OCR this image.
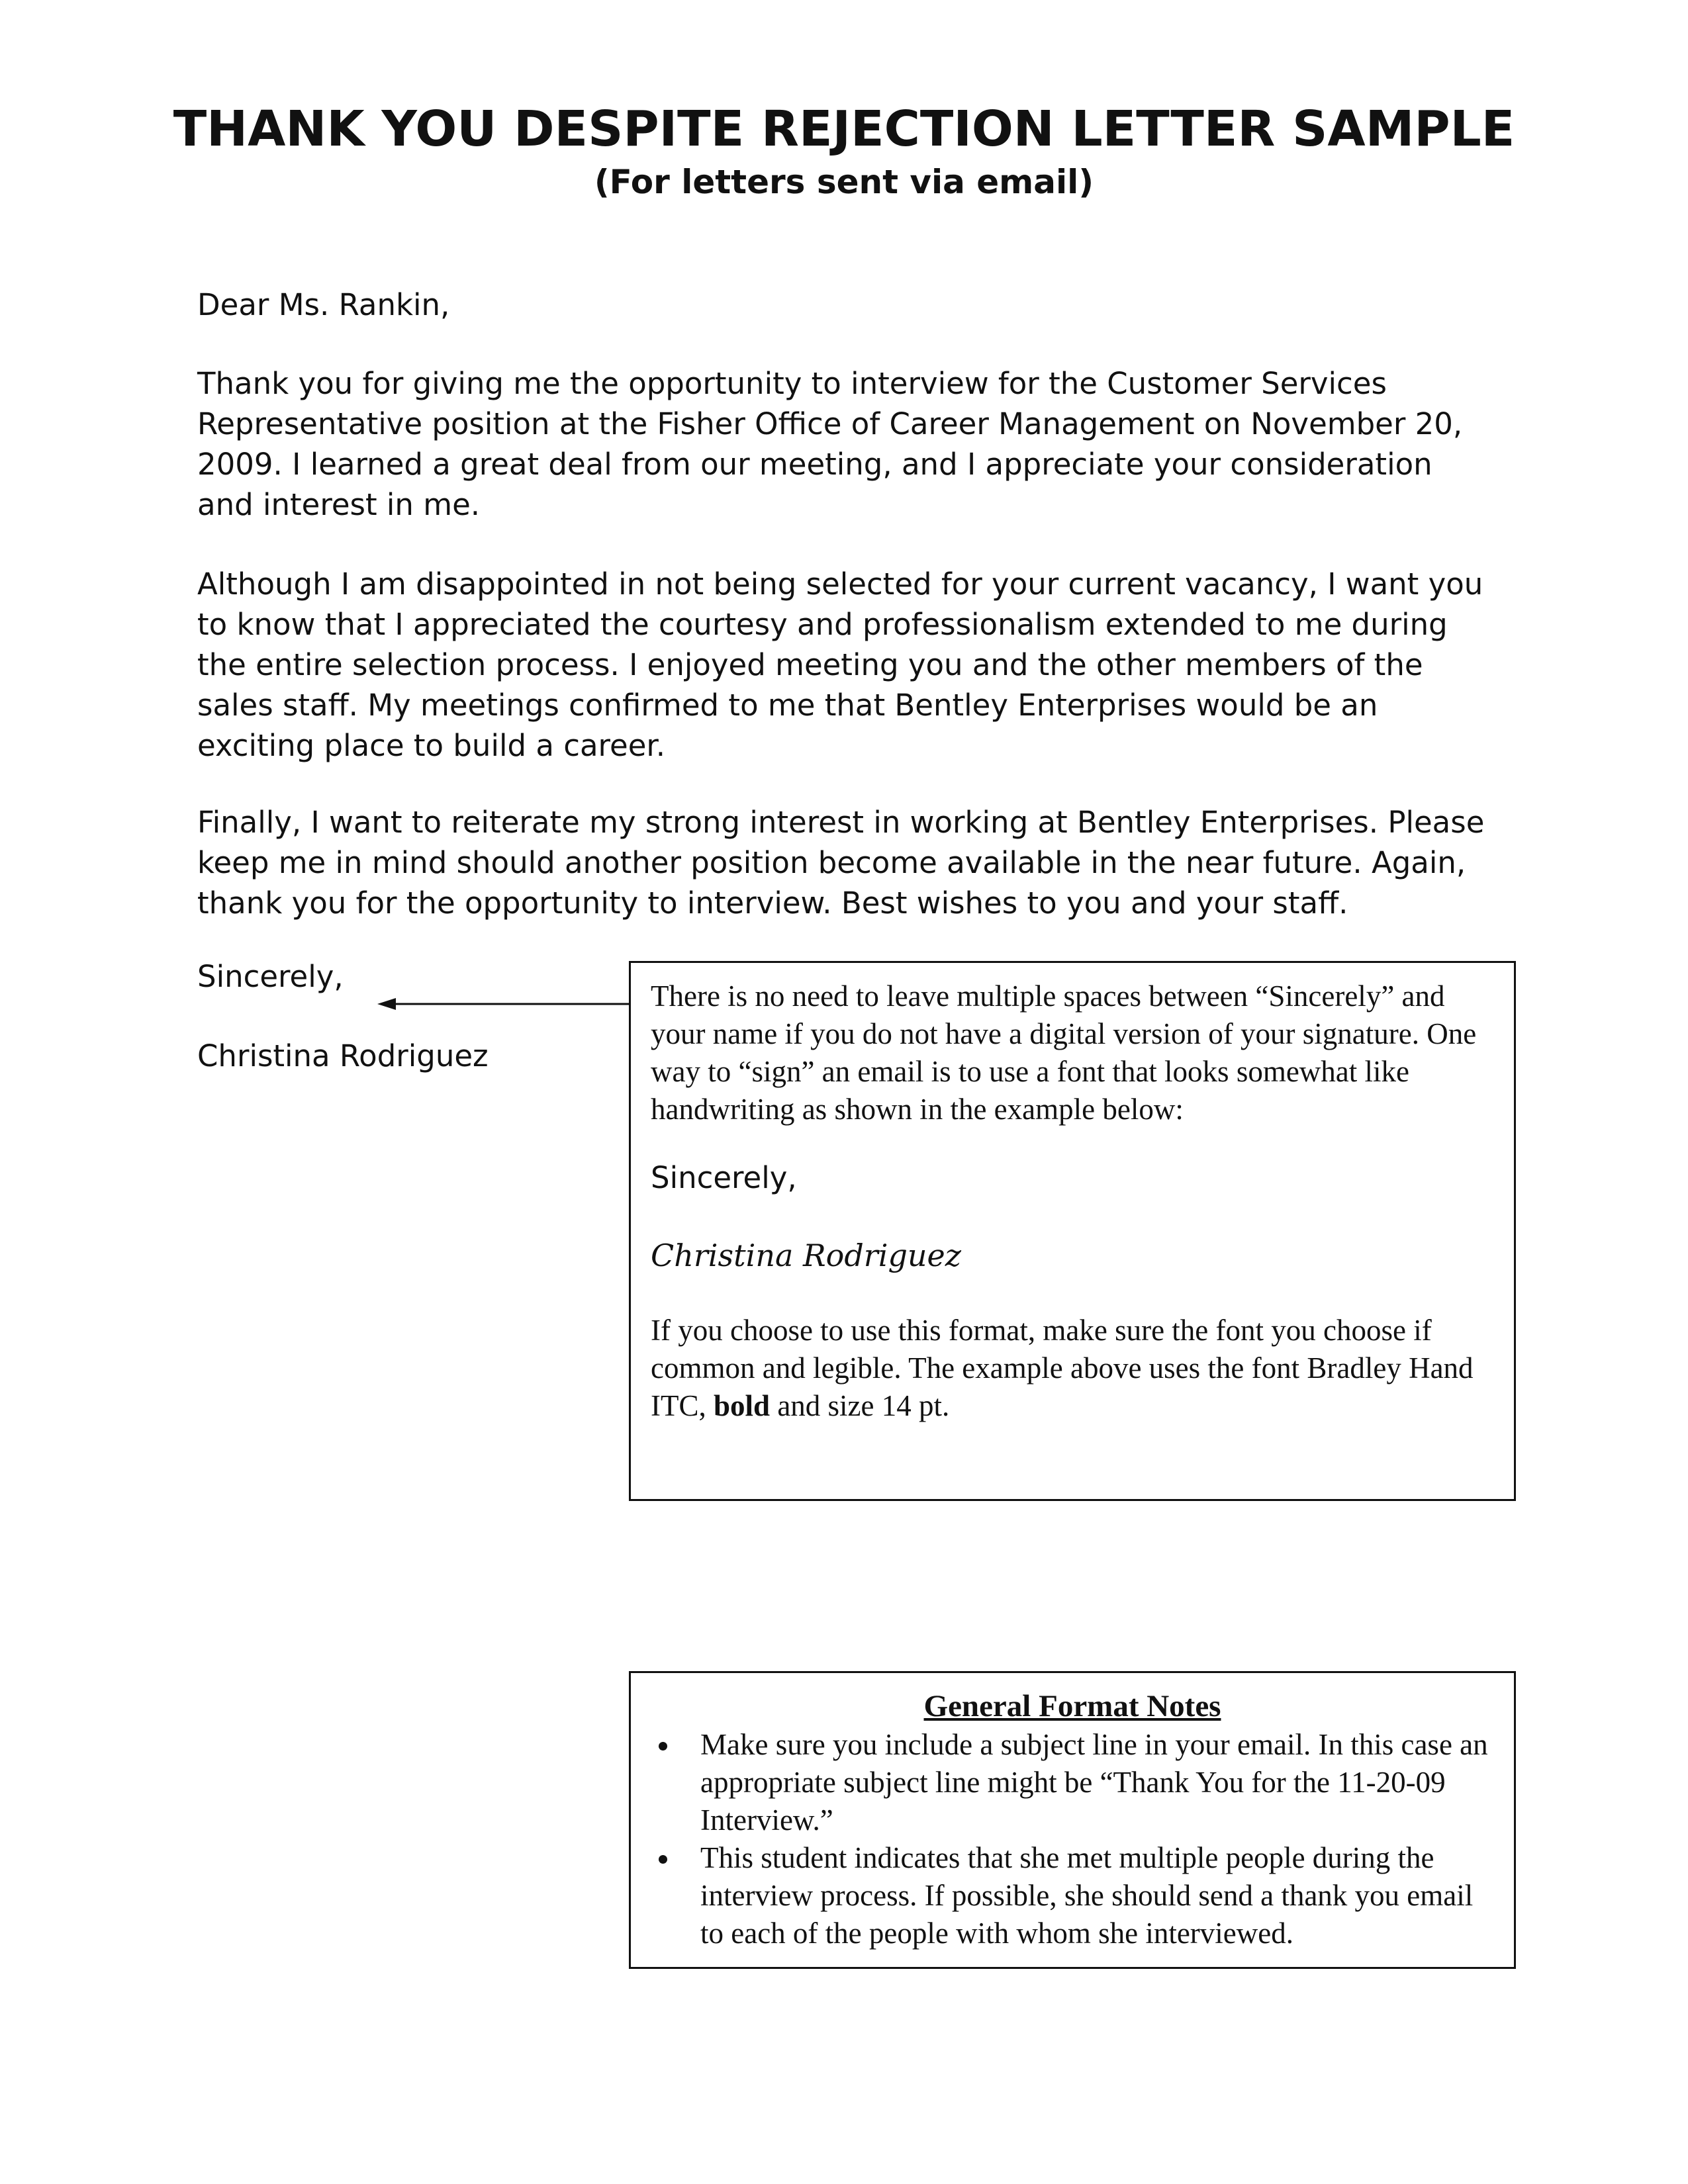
THANK YOU DESPITE REJECTION LETTER SAMPLE
(For letters sent via email)
Dear Ms. Rankin,
Thank you for giving me the opportunity to interview for the Customer Services Representative position at the Fisher Office of Career Management on November 20, 2009. I learned a great deal from our meeting, and I appreciate your consideration and interest in me.
Although I am disappointed in not being selected for your current vacancy, I want you to know that I appreciated the courtesy and professionalism extended to me during the entire selection process. I enjoyed meeting you and the other members of the sales staff. My meetings confirmed to me that Bentley Enterprises would be an exciting place to build a career.
Finally, I want to reiterate my strong interest in working at Bentley Enterprises. Please keep me in mind should another position become available in the near future. Again, thank you for the opportunity to interview. Best wishes to you and your staff.
Sincerely,
Christina Rodriguez

There is no need to leave multiple spaces between “Sincerely” and your name if you do not have a digital version of your signature. One way to “sign” an email is to use a font that looks somewhat like handwriting as shown in the example below:

Sincerely,
Christina Rodriguez

If you choose to use this format, make sure the font you choose if common and legible. The example above uses the font Bradley Hand ITC, bold and size 14 pt.

General Format Notes
Make sure you include a subject line in your email. In this case an appropriate subject line might be “Thank You for the 11-20-09 Interview.”
This student indicates that she met multiple people during the interview process. If possible, she should send a thank you email to each of the people with whom she interviewed.
